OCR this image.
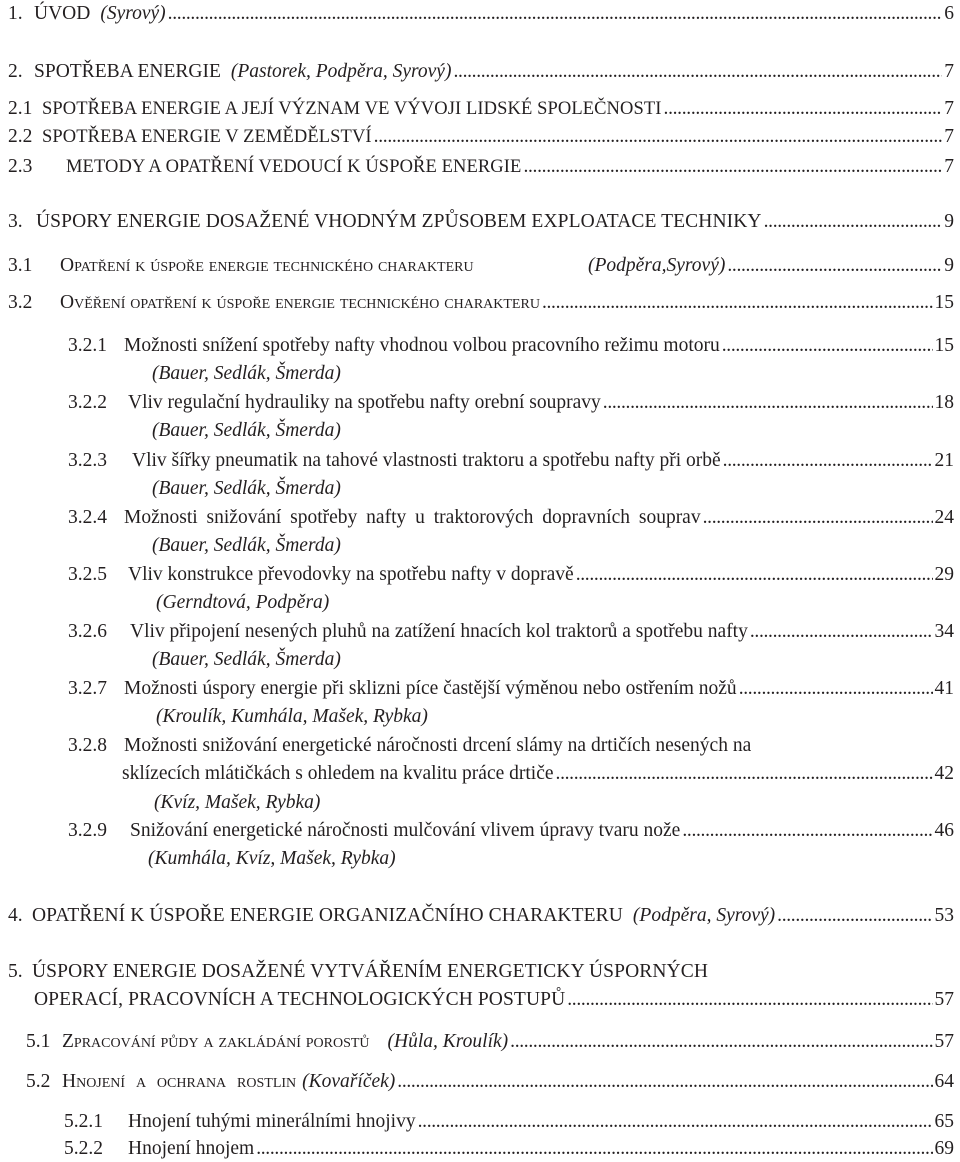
1. ÚVOD (Syrový) . . .	6
2. SPOTŘEBA ENERGIE (Pastorek, Podpěra, Syrový) . . .	7
2.1 SPOTŘEBA ENERGIE A JEJÍ VÝZNAM VE VÝVOJI LIDSKÉ SPOLEČNOSTI . . .	7
2.2 SPOTŘEBA ENERGIE V ZEMĚDĚLSTVÍ . . .	7
2.3	METODY A OPATŘENÍ VEDOUCÍ K ÚSPOŘE ENERGIE . . .	7
3. ÚSPORY ENERGIE DOSAŽENÉ VHODNÝM ZPŮSOBEM EXPLOATACE TECHNIKY . . .	9
3.1	Opatření k úspoře energie technického charakteru	(Podpěra,Syrový) . . .	9
3.2	Ověření opatření k úspoře energie technického charakteru . . .	15
3.2.1 Možnosti snížení spotřeby nafty vhodnou volbou pracovního režimu motoru . . .	15
(Bauer, Sedlák, Šmerda)
3.2.2	Vliv regulační hydrauliky na spotřebu nafty orební soupravy . . .	18
(Bauer, Sedlák, Šmerda)
3.2.3	Vliv šířky pneumatik na tahové vlastnosti traktoru a spotřebu nafty při orbě . . .	21
(Bauer, Sedlák, Šmerda)
3.2.4 Možnosti snižování spotřeby nafty u traktorových dopravních souprav . . .	24
(Bauer, Sedlák, Šmerda)
3.2.5	Vliv konstrukce převodovky na spotřebu nafty v dopravě . . .	29
(Gerndtová, Podpěra)
3.2.6	Vliv připojení nesených pluhů na zatížení hnacích kol traktorů a spotřebu nafty . . .	34
(Bauer, Sedlák, Šmerda)
3.2.7 Možnosti úspory energie při sklizni píce častější výměnou nebo ostřením nožů . . .	41
(Kroulík, Kumhála, Mašek, Rybka)
3.2.8 Možnosti snižování energetické náročnosti drcení slámy na drtičích nesených na
sklízecích mlátičkách s ohledem na kvalitu práce drtiče . . .	42
(Kvíz, Mašek, Rybka)
3.2.9	Snižování energetické náročnosti mulčování vlivem úpravy tvaru nože . . .	46
(Kumhála, Kvíz, Mašek, Rybka)
4. OPATŘENÍ K ÚSPOŘE ENERGIE ORGANIZAČNÍHO CHARAKTERU (Podpěra, Syrový) . . .	53
5. ÚSPORY ENERGIE DOSAŽENÉ VYTVÁŘENÍM ENERGETICKY ÚSPORNÝCH
OPERACÍ, PRACOVNÍCH A TECHNOLOGICKÝCH POSTUPŮ . . .	57
5.1 Zpracování půdy a zakládání porostů (Hůla, Kroulík) . . .	57
5.2 Hnojení a ochrana rostlin (Kovaříček) . . .	64
5.2.1	Hnojení tuhými minerálními hnojivy . . .	65
5.2.2	Hnojení hnojem . . .	69
